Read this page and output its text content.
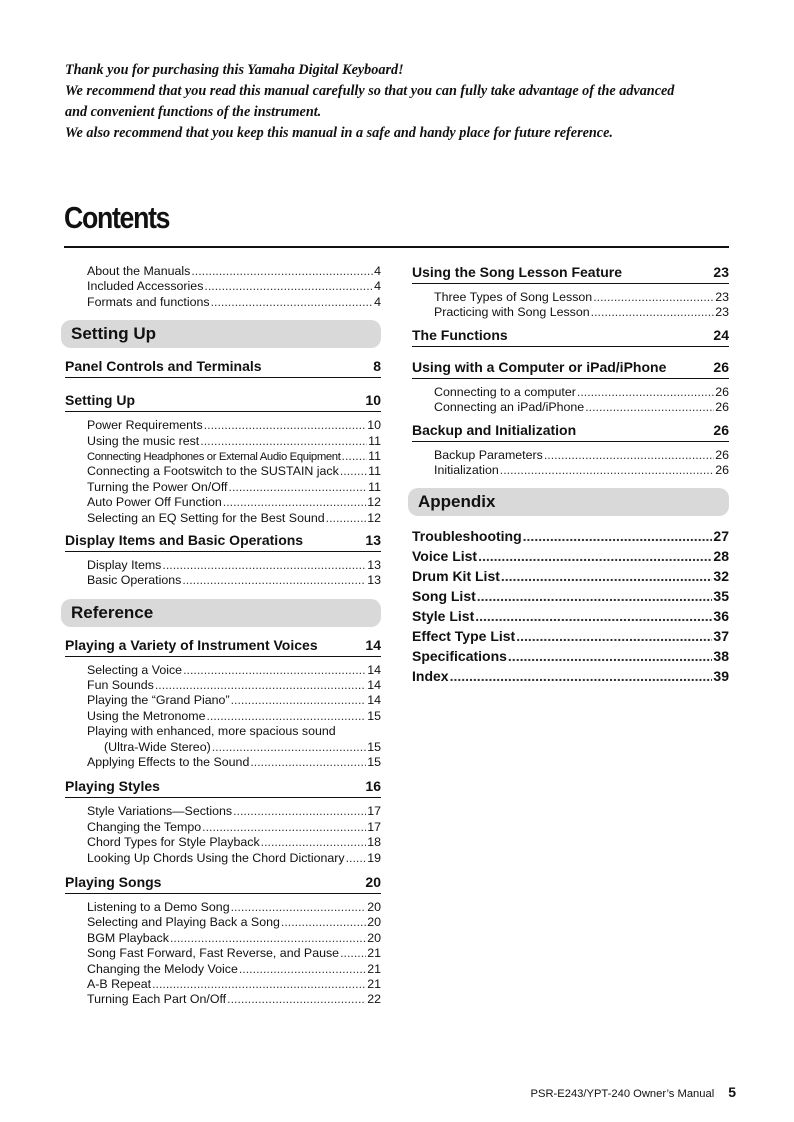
Thank you for purchasing this Yamaha Digital Keyboard!
We recommend that you read this manual carefully so that you can fully take advantage of the advanced
and convenient functions of the instrument.
We also recommend that you keep this manual in a safe and handy place for future reference.
Contents
About the Manuals .....	4
Included Accessories .....	4
Formats and functions .....	4
Setting Up
Panel Controls and Terminals	8
Setting Up	10
Power Requirements .....	10
Using the music rest .....	11
Connecting Headphones or External Audio Equipment ..... 11
Connecting a Footswitch to the SUSTAIN jack ..... 11
Turning the Power On/Off .....	11
Auto Power Off Function .....	12
Selecting an EQ Setting for the Best Sound .....	12
Display Items and Basic Operations	13
Display Items .....	13
Basic Operations .....	13
Reference
Playing a Variety of Instrument Voices	14
Selecting a Voice .....	14
Fun Sounds .....	14
Playing the “Grand Piano” .....	14
Using the Metronome .....	15
Playing with enhanced, more spacious sound
(Ultra-Wide Stereo) .....	15
Applying Effects to the Sound .....	15
Playing Styles	16
Style Variations—Sections .....	17
Changing the Tempo .....	17
Chord Types for Style Playback .....	18
Looking Up Chords Using the Chord Dictionary ..... 19
Playing Songs	20
Listening to a Demo Song .....	20
Selecting and Playing Back a Song .....	20
BGM Playback .....	20
Song Fast Forward, Fast Reverse, and Pause ..... 21
Changing the Melody Voice .....	21
A-B Repeat .....	21
Turning Each Part On/Off .....	22
Using the Song Lesson Feature	23
Three Types of Song Lesson .....	23
Practicing with Song Lesson .....	23
The Functions	24
Using with a Computer or iPad/iPhone	26
Connecting to a computer .....	26
Connecting an iPad/iPhone .....	26
Backup and Initialization	26
Backup Parameters .....	26
Initialization .....	26
Appendix
Troubleshooting .....	27
Voice List .....	28
Drum Kit List .....	32
Song List .....	35
Style List .....	36
Effect Type List .....	37
Specifications .....	38
Index .....	39
PSR-E243/YPT-240 Owner’s Manual 5
